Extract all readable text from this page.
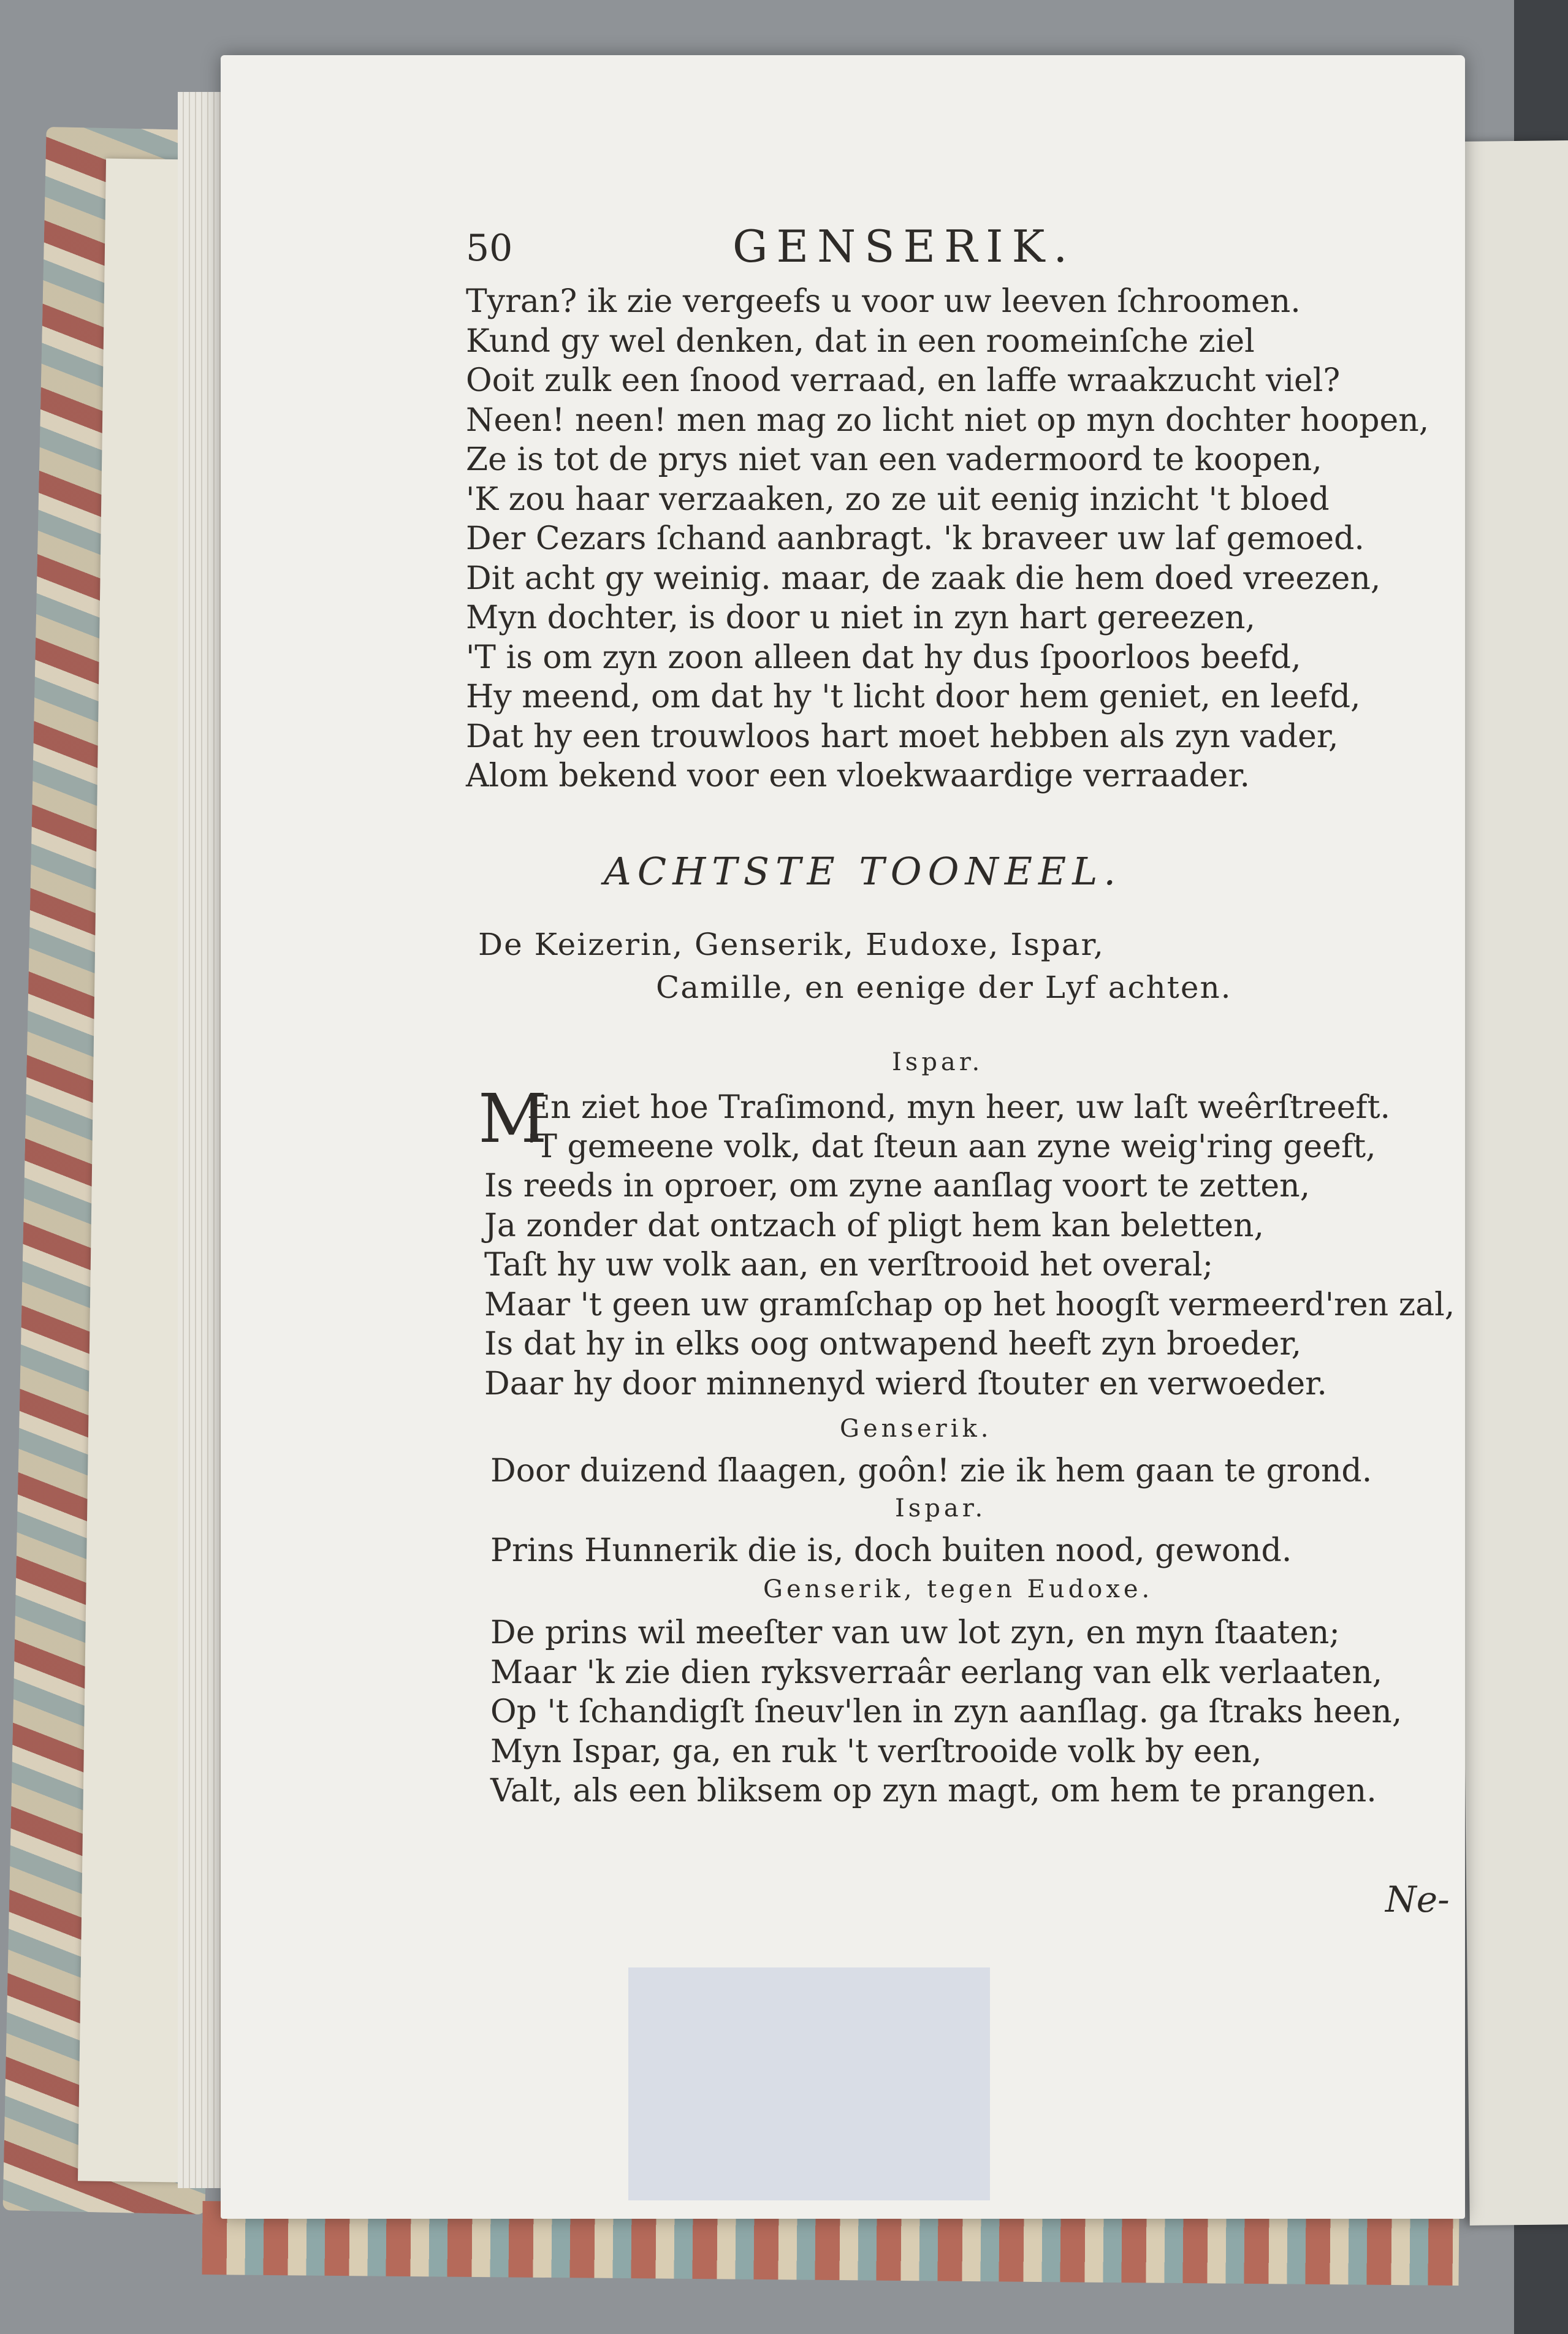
50	GENSERIK.
Tyran? ik zie vergeefs u voor uw leeven ſchroomen.
Kund gy wel denken, dat in een roomeinſche ziel
Ooit zulk een ſnood verraad, en laffe wraakzucht viel?
Neen! neen! men mag zo licht niet op myn dochter hoopen,
Ze is tot de prys niet van een vadermoord te koopen,
'K zou haar verzaaken, zo ze uit eenig inzicht 't bloed
Der Cezars ſchand aanbragt. 'k braveer uw laf gemoed.
Dit acht gy weinig. maar, de zaak die hem doed vreezen,
Myn dochter, is door u niet in zyn hart gereezen,
'T is om zyn zoon alleen dat hy dus ſpoorloos beefd,
Hy meend, om dat hy 't licht door hem geniet, en leefd,
Dat hy een trouwloos hart moet hebben als zyn vader,
Alom bekend voor een vloekwaardige verraader.
ACHTSTE TOONEEL.
De Keizerin, Genserik, Eudoxe, Ispar,
Camille, en eenige der Lyf achten.
Ispar.
M
En ziet hoe Traſimond, myn heer, uw laſt weêrſtreeft.
'T gemeene volk, dat ſteun aan zyne weig'ring geeft,
Is reeds in oproer, om zyne aanſlag voort te zetten,
Ja zonder dat ontzach of pligt hem kan beletten,
Taſt hy uw volk aan, en verſtrooid het overal;
Maar 't geen uw gramſchap op het hoogſt vermeerd'ren zal,
Is dat hy in elks oog ontwapend heeft zyn broeder,
Daar hy door minnenyd wierd ſtouter en verwoeder.
Genserik.
Door duizend ſlaagen, goôn! zie ik hem gaan te grond.
Ispar.
Prins Hunnerik die is, doch buiten nood, gewond.
Genserik, tegen Eudoxe.
De prins wil meeſter van uw lot zyn, en myn ſtaaten;
Maar 'k zie dien ryksverraâr eerlang van elk verlaaten,
Op 't ſchandigſt ſneuv'len in zyn aanſlag. ga ſtraks heen,
Myn Ispar, ga, en ruk 't verſtrooide volk by een,
Valt, als een bliksem op zyn magt, om hem te prangen.
Ne-
